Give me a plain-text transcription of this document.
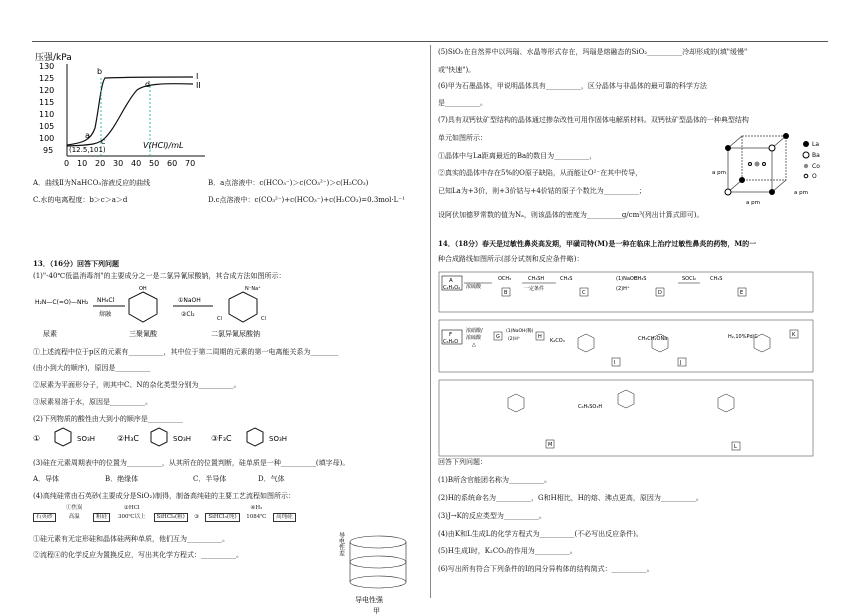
压强/kPa
130
125
120
115
110
105
100
95
0 10 20 30 40 50 60 70
I
II
b
d
a
c	V(HCl)/mL
(12.5,101)
A．曲线Ⅱ为NaHCO₃溶液反应的曲线	B．a点溶液中：c(HCO₃⁻)＞c(CO₃²⁻)＞c(H₂CO₃)
C.水的电离程度：b＞c＞a＞d	D.c点溶液中：c(CO₃²⁻)+c(HCO₃⁻)+c(H₂CO₃)=0.3mol·L⁻¹
13．（16分）回答下列问题
(1)"-40℃低温消毒剂"的主要成分之一是二氯异氰尿酸钠，其合成方法如图所示：
H₂N—C(=O)—NH₂
尿素
NH₄Cl
熔融
OH
三聚氰酸
①NaOH
②Cl₂
N⁻Na⁺
Cl	Cl
二氯异氰尿酸钠
①上述流程中位于p区的元素有__________，其中位于第二周期的元素的第一电离能关系为________
(由小到大的顺序)，原因是__________
②尿素为平面形分子，则其中C、N的杂化类型分别为__________。
③尿素易溶于水，原因是__________。
(2)下列物质的酸性由大到小的顺序是__________
①	SO₃H	②H₃C	SO₃H ③F₃C	SO₃H
(3)硅在元素周期表中的位置为__________，从其所在的位置判断，硅单质是一种__________(填字母)。
A．导体	B．绝缘体	C．半导体	D．气体
(4)高纯硅常由石英砂(主要成分是SiO₂)制得，制备高纯硅的主要工艺流程如图所示：
石英砂 ①焦炭
高温	粗硅 ②HCl
300℃以上 SiHCl₃(粗) ③ SiHCl₃(纯) ④H₂
1084℃ 高纯硅
①硅元素有无定形硅和晶体硅两种单质，他们互为__________。
②流程④的化学反应为置换反应，写出其化学方程式：__________。	导电性差
导电性强
甲
(5)SiO₂在自然界中以玛瑙、水晶等形式存在，玛瑙是熔融态的SiO₂__________冷却形成的(填"缓慢"
或"快速")。
(6)甲为石墨晶体，甲说明晶体具有__________，区分晶体与非晶体的最可靠的科学方法
是__________。
(7)具有双钙钛矿型结构的晶体通过掺杂改性可用作固体电解质材料。双钙钛矿型晶体的一种典型结构
单元如图所示：
①晶体中与La距离最近的Ba的数目为__________，
②真实的晶体中存在5%的O原子缺陷，从而能让O²⁻在其中传导，
已知La为+3价，则+3价钴与+4价钴的原子个数比为__________；
设阿伏加德罗常数的值为Nₐ，则该晶体的密度为__________g/cm³(列出计算式即可)。
a pm
a pm
a pm
La
Ba
Co
O
14．（18分）春天是过敏性鼻炎高发期，甲磺司特(M)是一种在临床上治疗过敏性鼻炎的药物，M的一
种合成路线如图所示(部分试剂和反应条件略)：
A
C₂H₄O₂ 浓硫酸
OCH₃
B
CH₃SH
一定条件
CH₃S
C
(1)NaOH
(2)H⁺
CH₃S
D
SOCl₂	CH₃S
E
F
C₆H₆O
浓硝酸/
浓硫酸
△
G
(1)NaOH(稀)
(2)H⁺	H
K₂CO₃
I
CH₃CH₂ONa
J
H₂,10%Pd/C	K
M
C₆H₅SO₃H
L
回答下列问题：
(1)B所含官能团名称为__________。
(2)H的系统命名为__________，G和H相比，H的熔、沸点更高，原因为__________。
(3)J→K的反应类型为__________。
(4)由K和L生成L的化学方程式为__________(不必写出反应条件)。
(5)H生成I时，K₂CO₃的作用为__________。
(6)写出所有符合下列条件的I的同分异构体的结构简式：__________。
